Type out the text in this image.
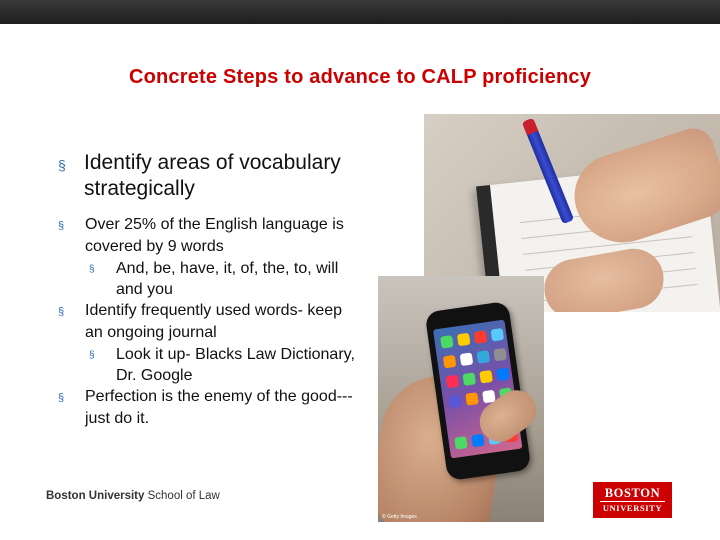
Concrete Steps to advance to CALP proficiency
§ Identify areas of vocabulary strategically
§ Over 25% of the English language is covered by 9 words
§ And, be, have, it, of, the, to, will and you
§ Identify frequently used words- keep an ongoing journal
§ Look it up- Blacks Law Dictionary, Dr. Google
§ Perfection is the enemy of the good--- just do it.
© Getty Images
Boston University School of Law	BOSTON
UNIVERSITY
